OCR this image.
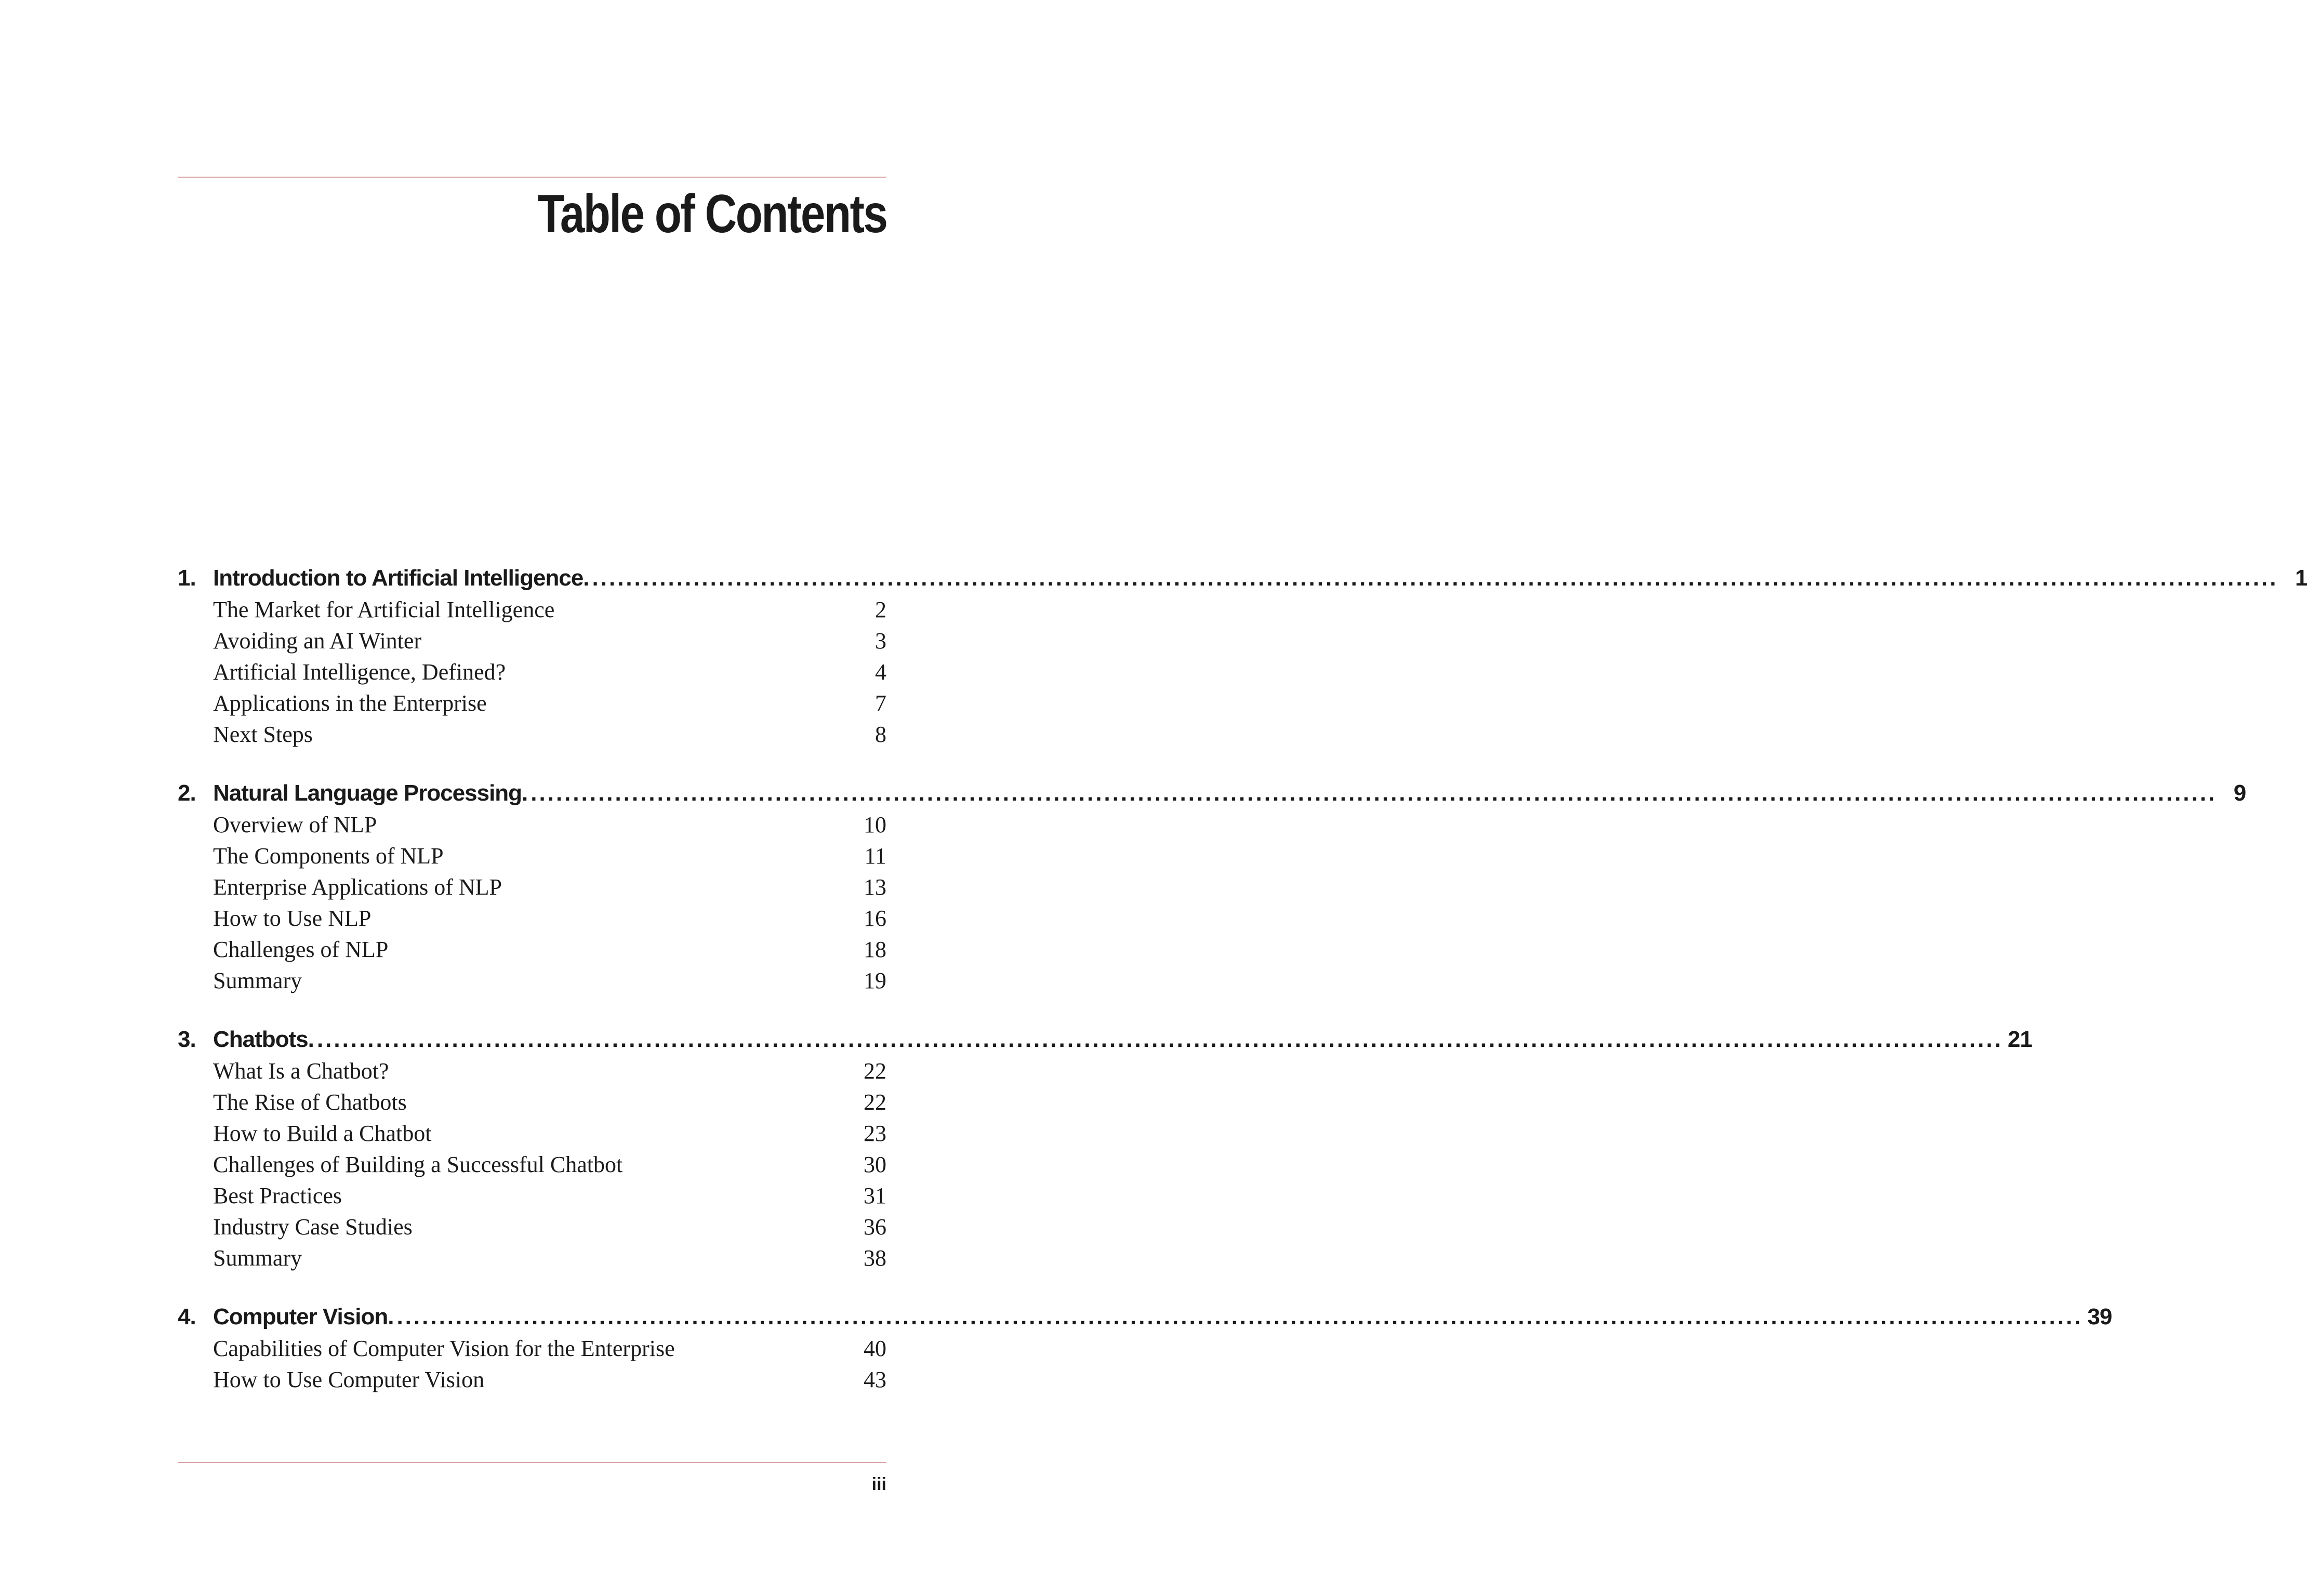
Table of Contents
1. Introduction to Artificial Intelligence. ........................................................................................................................................................................................................ 1
The Market for Artificial Intelligence	2
Avoiding an AI Winter	3
Artificial Intelligence, Defined?	4
Applications in the Enterprise	7
Next Steps	8
2. Natural Language Processing. ........................................................................................................................................................................................................ 9
Overview of NLP	10
The Components of NLP	11
Enterprise Applications of NLP	13
How to Use NLP	16
Challenges of NLP	18
Summary	19
3. Chatbots. ........................................................................................................................................................................................................ 21
What Is a Chatbot?	22
The Rise of Chatbots	22
How to Build a Chatbot	23
Challenges of Building a Successful Chatbot	30
Best Practices	31
Industry Case Studies	36
Summary	38
4. Computer Vision. ........................................................................................................................................................................................................ 39
Capabilities of Computer Vision for the Enterprise	40
How to Use Computer Vision	43
iii
